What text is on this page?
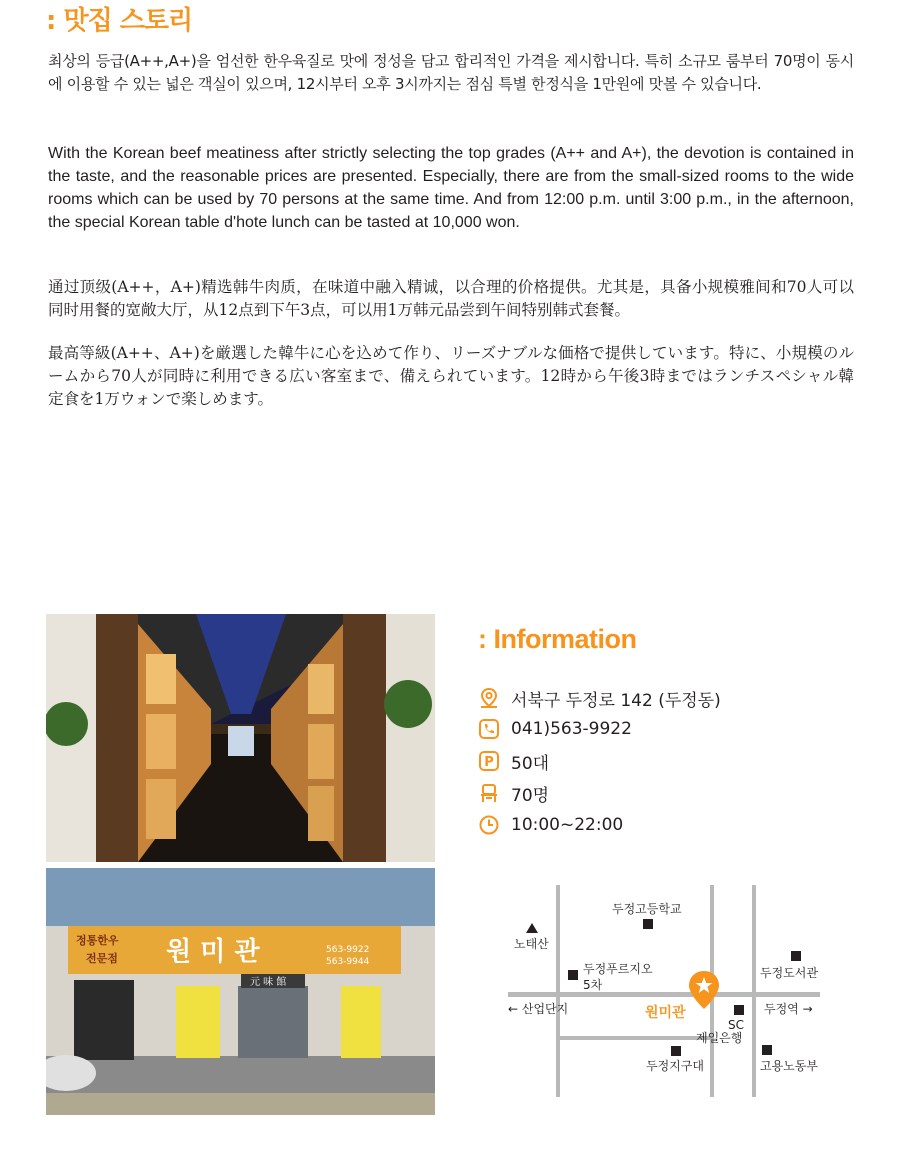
: 맛집 스토리

최상의 등급(A++,A+)을 엄선한 한우육질로 맛에 정성을 담고 합리적인 가격을 제시합니다. 특히 소규모 룸부터 70명이 동시에 이용할 수 있는 넓은 객실이 있으며, 12시부터 오후 3시까지는 점심 특별 한정식을 1만원에 맛볼 수 있습니다.

With the Korean beef meatiness after strictly selecting the top grades (A++ and A+), the devotion is contained in the taste, and the reasonable prices are presented. Especially, there are from the small-sized rooms to the wide rooms which can be used by 70 persons at the same time. And from 12:00 p.m. until 3:00 p.m., in the afternoon, the special Korean table d'hote lunch can be tasted at 10,000 won.

通过顶级(A++，A+)精选韩牛肉质，在味道中融入精诚，以合理的价格提供。尤其是，具备小规模雅间和70人可以同时用餐的宽敞大厅，从12点到下午3点，可以用1万韩元品尝到午间特别韩式套餐。

最高等級(A++、A+)を厳選した韓牛に心を込めて作り、リーズナブルな価格で提供しています。特に、小規模のルームから70人が同時に利用できる広い客室まで、備えられています。12時から午後3時まではランチスペシャル韓定食を1万ウォンで楽しめます。

원 미 관
정통한우
전문점
563-9922
563-9944
元 味 館
: Information
서북구 두정로 142 (두정동)
041)563-9922
P 50대
70명
10:00~22:00
두정고등학교
노태산
두정푸르지오
5차
두정도서관
← 산업단지	두정역 →
SC
제일은행
두정지구대	고용노동부
원미관
